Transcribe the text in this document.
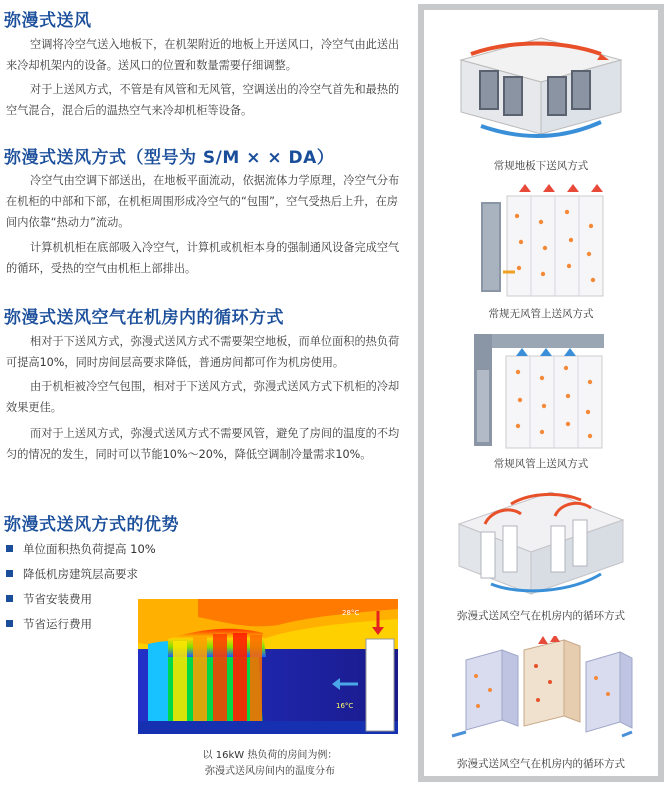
弥漫式送风

空调将冷空气送入地板下，在机架附近的地板上开送风口，冷空气由此送出来冷却机架内的设备。送风口的位置和数量需要仔细调整。

对于上送风方式，不管是有风管和无风管，空调送出的冷空气首先和最热的空气混合，混合后的温热空气来冷却机柜等设备。

弥漫式送风方式（型号为 S/M × × DA）

冷空气由空调下部送出，在地板平面流动，依据流体力学原理，冷空气分布在机柜的中部和下部，在机柜周围形成冷空气的“包围”，空气受热后上升，在房间内依靠“热动力”流动。

计算机机柜在底部吸入冷空气，计算机或机柜本身的强制通风设备完成空气的循环，受热的空气由机柜上部排出。

弥漫式送风空气在机房内的循环方式

相对于下送风方式，弥漫式送风方式不需要架空地板，而单位面积的热负荷可提高10%，同时房间层高要求降低，普通房间都可作为机房使用。

由于机柜被冷空气包围，相对于下送风方式，弥漫式送风方式下机柜的冷却效果更佳。

而对于上送风方式，弥漫式送风方式不需要风管，避免了房间的温度的不均匀的情况的发生，同时可以节能10%～20%，降低空调制冷量需求10%。

弥漫式送风方式的优势
单位面积热负荷提高 10%
降低机房建筑层高要求
节省安装费用
节省运行费用
28°C
16°C
以 16kW 热负荷的房间为例：
弥漫式送风房间内的温度分布
常规地板下送风方式
常规无风管上送风方式
常规风管上送风方式
弥漫式送风空气在机房内的循环方式
弥漫式送风空气在机房内的循环方式
